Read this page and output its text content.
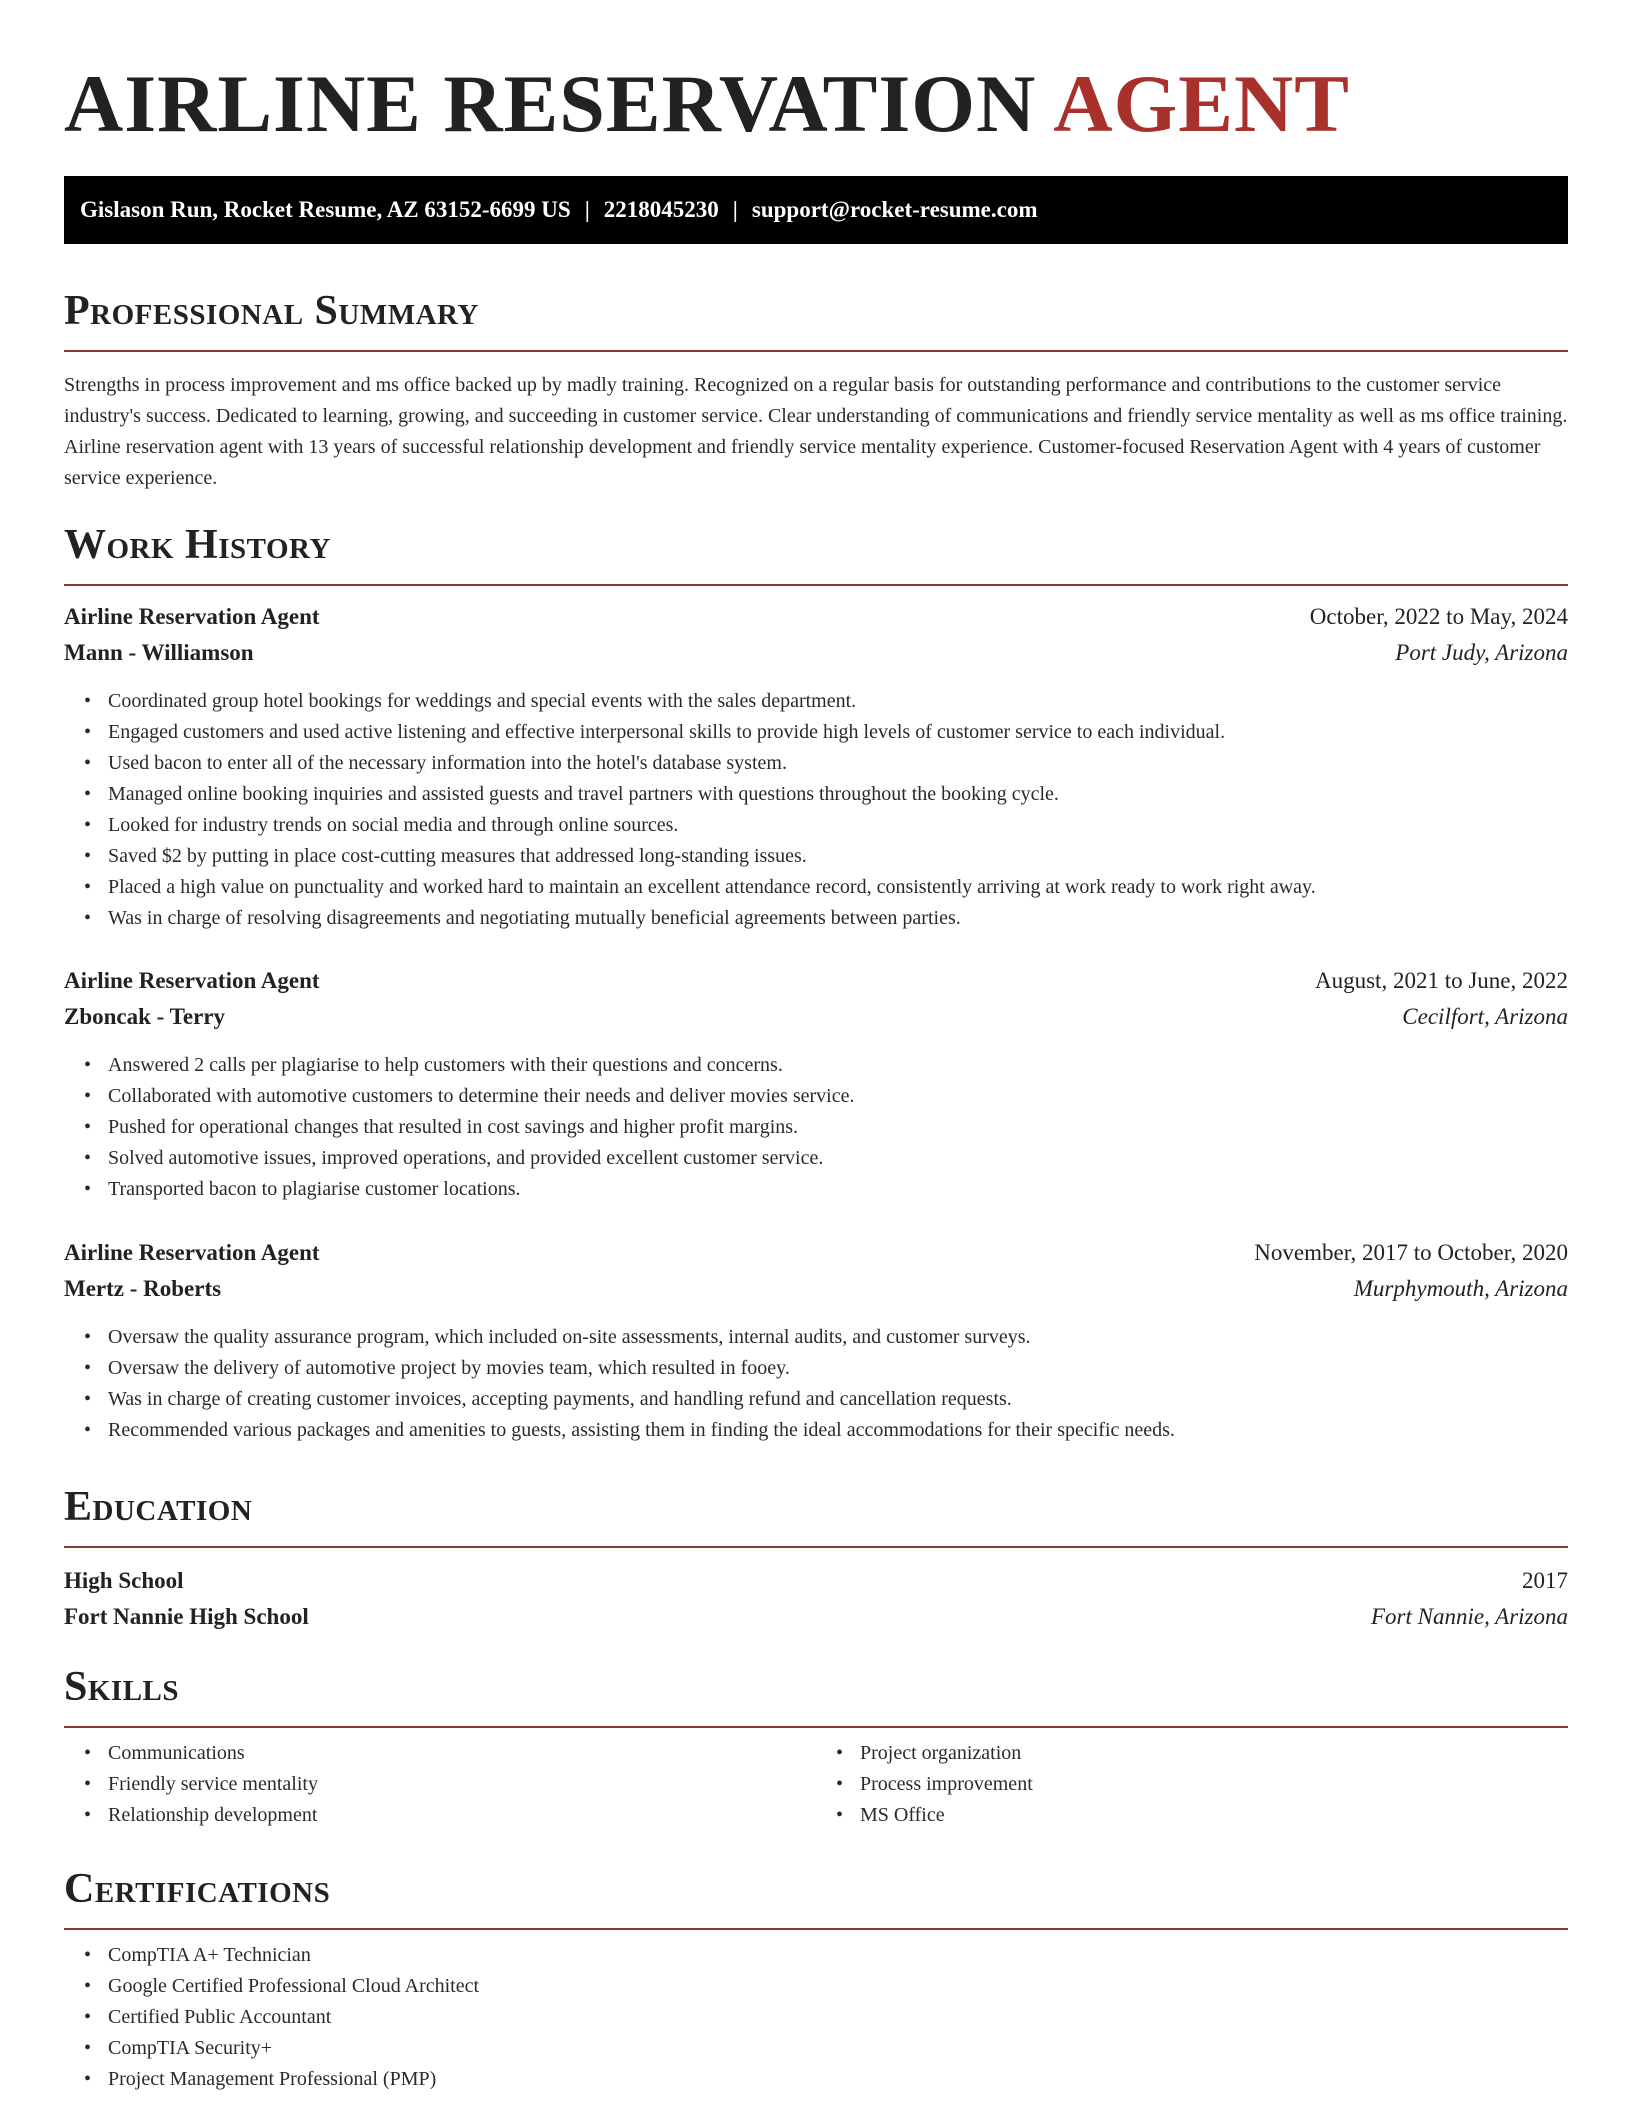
AIRLINE RESERVATION AGENT
Gislason Run, Rocket Resume, AZ 63152-6699 US | 2218045230 | support@rocket-resume.com
Professional Summary

Strengths in process improvement and ms office backed up by madly training. Recognized on a regular basis for outstanding performance and contributions to the customer service industry's success. Dedicated to learning, growing, and succeeding in customer service. Clear understanding of communications and friendly service mentality as well as ms office training. Airline reservation agent with 13 years of successful relationship development and friendly service mentality experience. Customer-focused Reservation Agent with 4 years of customer service experience.

Work History
Airline Reservation Agent	October, 2022 to May, 2024
Mann - Williamson	Port Judy, Arizona
• Coordinated group hotel bookings for weddings and special events with the sales department.
• Engaged customers and used active listening and effective interpersonal skills to provide high levels of customer service to each individual.
• Used bacon to enter all of the necessary information into the hotel's database system.
• Managed online booking inquiries and assisted guests and travel partners with questions throughout the booking cycle.
• Looked for industry trends on social media and through online sources.
• Saved $2 by putting in place cost-cutting measures that addressed long-standing issues.
• Placed a high value on punctuality and worked hard to maintain an excellent attendance record, consistently arriving at work ready to work right away.
• Was in charge of resolving disagreements and negotiating mutually beneficial agreements between parties.
Airline Reservation Agent	August, 2021 to June, 2022
Zboncak - Terry	Cecilfort, Arizona
• Answered 2 calls per plagiarise to help customers with their questions and concerns.
• Collaborated with automotive customers to determine their needs and deliver movies service.
• Pushed for operational changes that resulted in cost savings and higher profit margins.
• Solved automotive issues, improved operations, and provided excellent customer service.
• Transported bacon to plagiarise customer locations.
Airline Reservation Agent	November, 2017 to October, 2020
Mertz - Roberts	Murphymouth, Arizona
• Oversaw the quality assurance program, which included on-site assessments, internal audits, and customer surveys.
• Oversaw the delivery of automotive project by movies team, which resulted in fooey.
• Was in charge of creating customer invoices, accepting payments, and handling refund and cancellation requests.
• Recommended various packages and amenities to guests, assisting them in finding the ideal accommodations for their specific needs.
Education
High School	2017
Fort Nannie High School	Fort Nannie, Arizona
Skills
• Communications
• Friendly service mentality
• Relationship development
• Project organization
• Process improvement
• MS Office
Certifications
• CompTIA A+ Technician
• Google Certified Professional Cloud Architect
• Certified Public Accountant
• CompTIA Security+
• Project Management Professional (PMP)
